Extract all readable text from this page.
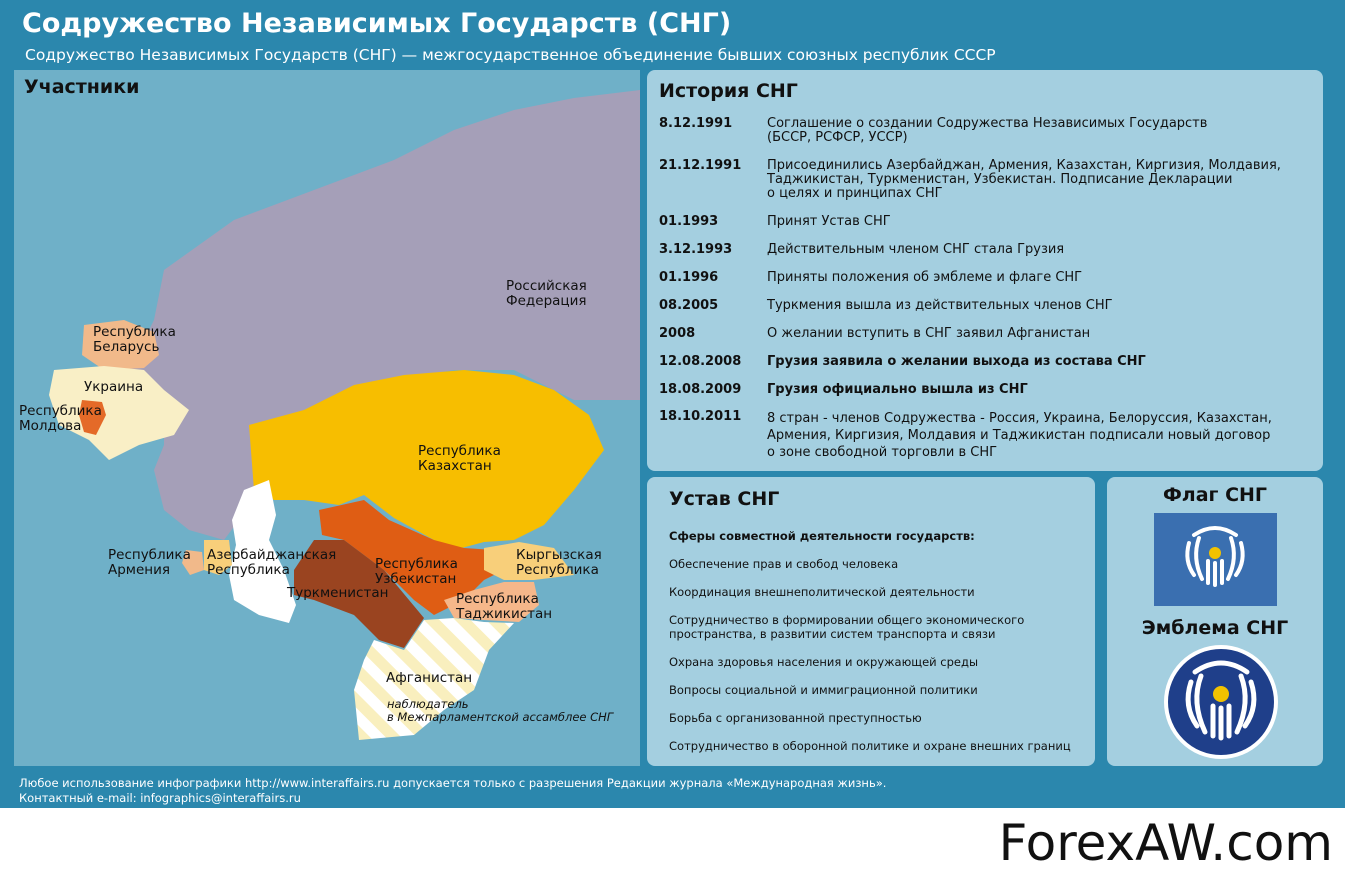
Содружество Независимых Государств (СНГ)
Содружество Независимых Государств (СНГ) — межгосударственное объединение бывших союзных республик СССР
Участники
Российская
Федерация
Республика
Беларусь
Украина
Республика
Молдова
Республика
Казахстан
Республика
Армения
Азербайджанская
Республика	Республика
Узбекистан
Туркменистан
Кыргызская
Республика
Республика
Таджикистан
Афганистан
наблюдатель
в Межпарламентской ассамблее СНГ
История СНГ
8.12.1991	Соглашение о создании Содружества Независимых Государств
(БССР, РСФСР, УССР)
21.12.1991 Присоединились Азербайджан, Армения, Казахстан, Киргизия, Молдавия,
Таджикистан, Туркменистан, Узбекистан. Подписание Декларации
о целях и принципах СНГ
01.1993	Принят Устав СНГ
3.12.1993	Действительным членом СНГ стала Грузия
01.1996	Приняты положения об эмблеме и флаге СНГ
08.2005	Туркмения вышла из действительных членов СНГ
2008	О желании вступить в СНГ заявил Афганистан
12.08.2008 Грузия заявила о желании выхода из состава СНГ
18.08.2009 Грузия официально вышла из СНГ
18.10.2011 8 стран - членов Содружества - Россия, Украина, Белоруссия, Казахстан,
Армения, Киргизия, Молдавия и Таджикистан подписали новый договор
о зоне свободной торговли в СНГ
Устав СНГ
Сферы совместной деятельности государств:
Обеспечение прав и свобод человека
Координация внешнеполитической деятельности
Сотрудничество в формировании общего экономического
пространства, в развитии систем транспорта и связи
Охрана здоровья населения и окружающей среды
Вопросы социальной и иммиграционной политики
Борьба с организованной преступностью
Сотрудничество в оборонной политике и охране внешних границ
Флаг СНГ
Эмблема СНГ
Любое использование инфографики http://www.interaffairs.ru допускается только с разрешения Редакции журнала «Международная жизнь».
Контактный e-mail: infographics@interaffairs.ru
ForexAW.com
